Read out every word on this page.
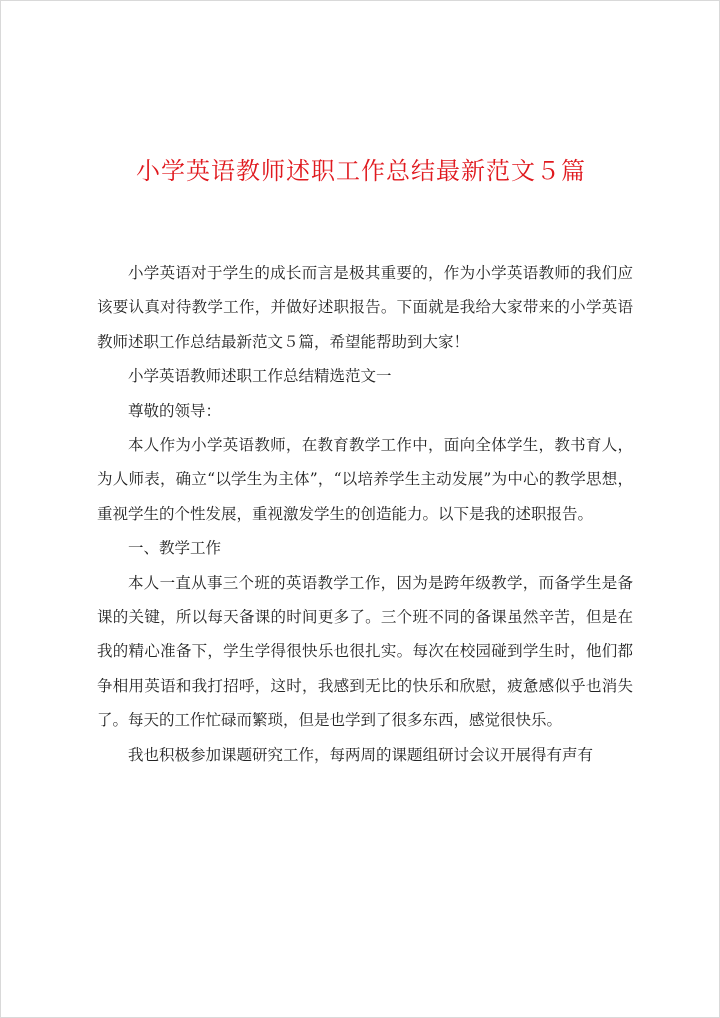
小学英语教师述职工作总结最新范文５篇

小学英语对于学生的成长而言是极其重要的，作为小学英语教师的我们应该要认真对待教学工作，并做好述职报告。下面就是我给大家带来的小学英语教师述职工作总结最新范文５篇，希望能帮助到大家！

小学英语教师述职工作总结精选范文一

尊敬的领导：

本人作为小学英语教师，在教育教学工作中，面向全体学生，教书育人，为人师表，确立“以学生为主体”，“以培养学生主动发展”为中心的教学思想，重视学生的个性发展，重视激发学生的创造能力。以下是我的述职报告。

一、教学工作

本人一直从事三个班的英语教学工作，因为是跨年级教学，而备学生是备课的关键，所以每天备课的时间更多了。三个班不同的备课虽然辛苦，但是在我的精心准备下，学生学得很快乐也很扎实。每次在校园碰到学生时，他们都争相用英语和我打招呼，这时，我感到无比的快乐和欣慰，疲惫感似乎也消失了。每天的工作忙碌而繁琐，但是也学到了很多东西，感觉很快乐。

我也积极参加课题研究工作，每两周的课题组研讨会议开展得有声有
